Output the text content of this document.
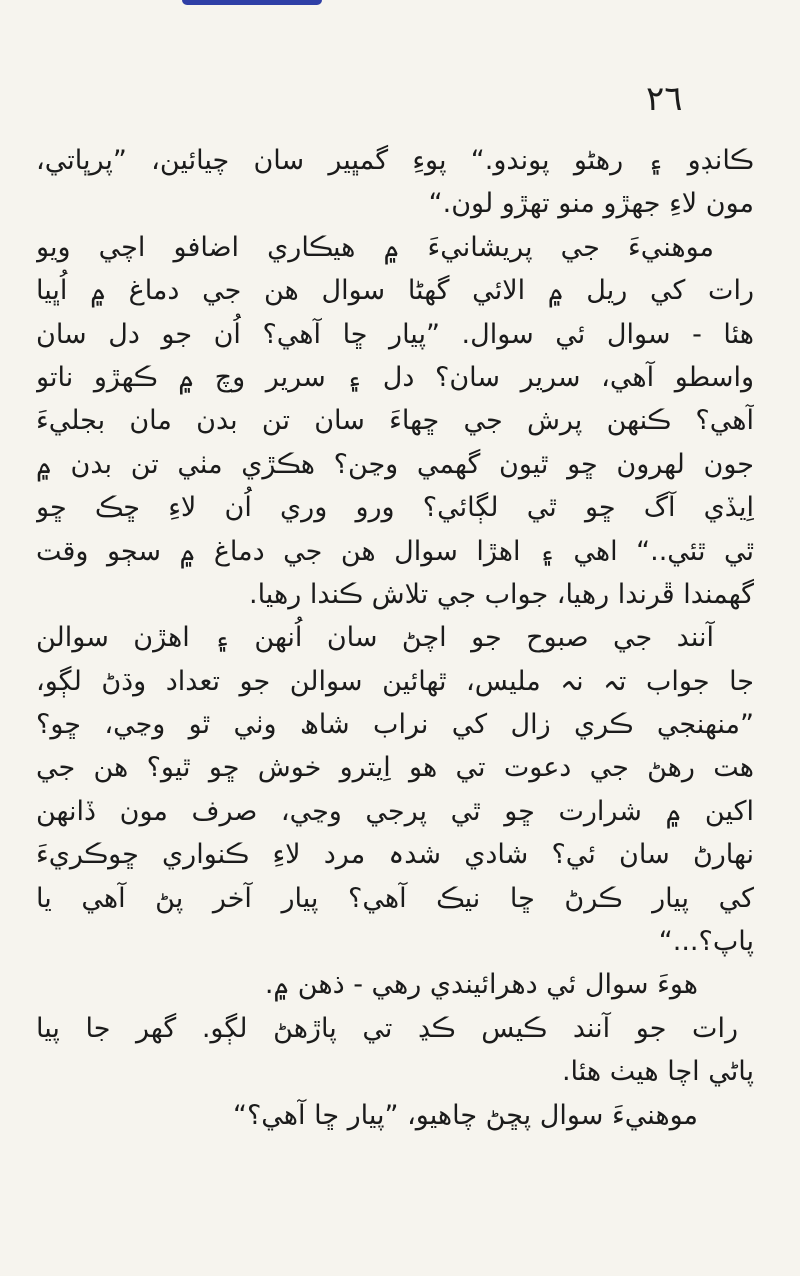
٢٦
ڪانڊو ۽ رھڻو پوندو.“ پوءِ گمڀير سان چيائين، ”پرڀاتي،
مون لاءِ جھڙو منو تھڙو لون.“
موھنيءَ جي پريشانيءَ ۾ ھيڪاري اضافو اچي ويو
رات کي ريل ۾ الائي گھڻا سوال ھن جي دماغ ۾ اُڀيا
ھئا - سوال ئي سوال. ”پيار ڇا آھي؟ اُن جو دل سان
واسطو آھي، سرير سان؟ دل ۽ سرير وچ ۾ ڪھڙو ناتو
آھي؟ ڪنھن پرش جي ڇھاءَ سان تن بدن مان بجليءَ
جون لھرون ڇو ٿيون گھمي وڃن؟ ھڪڙي مٺي تن بدن ۾
اِيڏي آگ ڇو ٿي لڳائي؟ ورو وري اُن لاءِ ڇڪ ڇو
ٿي ٿئي..“ اھي ۽ اھڙا سوال ھن جي دماغ ۾ سڄو وقت
گھمندا ڦرندا رھيا، جواب جي تلاش ڪندا رھيا.
آنند جي صبوح جو اچڻ سان اُنھن ۽ اھڙن سوالن
جا جواب تہ نہ مليس، ٿھائين سوالن جو تعداد وڌڻ لڳو،
”منھنجي ڪري زال کي نراب شاھ وٺي ٿو وڃي، ڇو؟
ھت رھڻ جي دعوت تي ھو اِيترو خوش ڇو ٿيو؟ ھن جي
اکين ۾ شرارت ڇو ٿي پرجي وڃي، صرف مون ڏانھن
نھارڻ سان ئي؟ شادي شدہ مرد لاءِ ڪنواري ڇوڪريءَ
کي پيار ڪرڻ ڇا نيڪ آھي؟ پيار آخر پڻ آھي يا
پاپ؟...“
ھوءَ سوال ئي دھرائيندي رھي - ذھن ۾.
رات جو آنند ڪيس ڪڍ تي پاڙھڻ لڳو. گھر جا پيا
پاڻي اچا ھيٺ ھئا.
موھنيءَ سوال پڇڻ چاھيو، ”پيار ڇا آھي؟“
